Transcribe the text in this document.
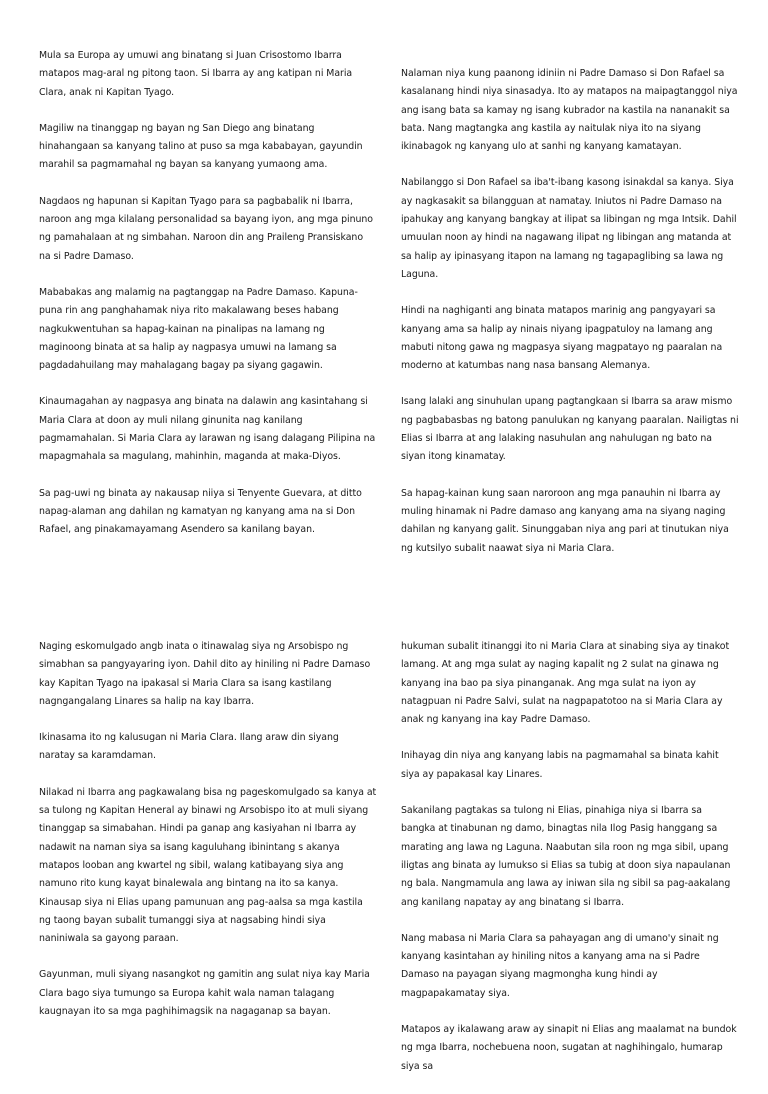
Mula sa Europa ay umuwi ang binatang si Juan Crisostomo Ibarra matapos mag-aral ng pitong taon. Si Ibarra ay ang katipan ni Maria Clara, anak ni Kapitan Tyago.

Magiliw na tinanggap ng bayan ng San Diego ang binatang hinahangaan sa kanyang talino at puso sa mga kababayan, gayundin marahil sa pagmamahal ng bayan sa kanyang yumaong ama.

Nagdaos ng hapunan si Kapitan Tyago para sa pagbabalik ni Ibarra, naroon ang mga kilalang personalidad sa bayang iyon, ang mga pinuno ng pamahalaan at ng simbahan. Naroon din ang Praileng Pransiskano na si Padre Damaso.

Mababakas ang malamig na pagtanggap na Padre Damaso. Kapuna-puna rin ang panghahamak niya rito makalawang beses habang nagkukwentuhan sa hapag-kainan na pinalipas na lamang ng maginoong binata at sa halip ay nagpasya umuwi na lamang sa pagdadahuilang may mahalagang bagay pa siyang gagawin.

Kinaumagahan ay nagpasya ang binata na dalawin ang kasintahang si Maria Clara at doon ay muli nilang ginunita nag kanilang pagmamahalan. Si Maria Clara ay larawan ng isang dalagang Pilipina na mapagmahala sa magulang, mahinhin, maganda at maka-Diyos.

Sa pag-uwi ng binata ay nakausap niiya si Tenyente Guevara, at ditto napag-alaman ang dahilan ng kamatyan ng kanyang ama na si Don Rafael, ang pinakamayamang Asendero sa kanilang bayan.

Nalaman niya kung paanong idiniin ni Padre Damaso si Don Rafael sa kasalanang hindi niya sinasadya. Ito ay matapos na maipagtanggol niya ang isang bata sa kamay ng isang kubrador na kastila na nananakit sa bata. Nang magtangka ang kastila ay naitulak niya ito na siyang ikinabagok ng kanyang ulo at sanhi ng kanyang kamatayan.

Nabilanggo si Don Rafael sa iba't-ibang kasong isinakdal sa kanya. Siya ay nagkasakit sa bilangguan at namatay. Iniutos ni Padre Damaso na ipahukay ang kanyang bangkay at ilipat sa libingan ng mga Intsik. Dahil umuulan noon ay hindi na nagawang ilipat ng libingan ang matanda at sa halip ay ipinasyang itapon na lamang ng tagapaglibing sa lawa ng Laguna.

Hindi na naghiganti ang binata matapos marinig ang pangyayari sa kanyang ama sa halip ay ninais niyang ipagpatuloy na lamang ang mabuti nitong gawa ng magpasya siyang magpatayo ng paaralan na moderno at katumbas nang nasa bansang Alemanya.

Isang lalaki ang sinuhulan upang pagtangkaan si Ibarra sa araw mismo ng pagbabasbas ng batong panulukan ng kanyang paaralan. Nailigtas ni Elias si Ibarra at ang lalaking nasuhulan ang nahulugan ng bato na siyan itong kinamatay.

Sa hapag-kainan kung saan naroroon ang mga panauhin ni Ibarra ay muling hinamak ni Padre damaso ang kanyang ama na siyang naging dahilan ng kanyang galit. Sinunggaban niya ang pari at tinutukan niya ng kutsilyo subalit naawat siya ni Maria Clara.

Naging eskomulgado angb inata o itinawalag siya ng Arsobispo ng simabhan sa pangyayaring iyon. Dahil dito ay hiniling ni Padre Damaso kay Kapitan Tyago na ipakasal si Maria Clara sa isang kastilang nagngangalang Linares sa halip na kay Ibarra.

Ikinasama ito ng kalusugan ni Maria Clara. Ilang araw din siyang naratay sa karamdaman.

Nilakad ni Ibarra ang pagkawalang bisa ng pageskomulgado sa kanya at sa tulong ng Kapitan Heneral ay binawi ng Arsobispo ito at muli siyang tinanggap sa simabahan. Hindi pa ganap ang kasiyahan ni Ibarra ay nadawit na naman siya sa isang kaguluhang ibinintang s akanya matapos looban ang kwartel ng sibil, walang katibayang siya ang namuno rito kung kayat binalewala ang bintang na ito sa kanya. Kinausap siya ni Elias upang pamunuan ang pag-aalsa sa mga kastila ng taong bayan subalit tumanggi siya at nagsabing hindi siya naniniwala sa gayong paraan.

Gayunman, muli siyang nasangkot ng gamitin ang sulat niya kay Maria Clara bago siya tumungo sa Europa kahit wala naman talagang kaugnayan ito sa mga paghihimagsik na nagaganap sa bayan.

hukuman subalit itinanggi ito ni Maria Clara at sinabing siya ay tinakot lamang. At ang mga sulat ay naging kapalit ng 2 sulat na ginawa ng kanyang ina bao pa siya pinanganak. Ang mga sulat na iyon ay natagpuan ni Padre Salvi, sulat na nagpapatotoo na si Maria Clara ay anak ng kanyang ina kay Padre Damaso.

Inihayag din niya ang kanyang labis na pagmamahal sa binata kahit siya ay papakasal kay Linares.

Sakanilang pagtakas sa tulong ni Elias, pinahiga niya si Ibarra sa bangka at tinabunan ng damo, binagtas nila Ilog Pasig hanggang sa marating ang lawa ng Laguna. Naabutan sila roon ng mga sibil, upang iligtas ang binata ay lumukso si Elias sa tubig at doon siya napaulanan ng bala. Nangmamula ang lawa ay iniwan sila ng sibil sa pag-aakalang ang kanilang napatay ay ang binatang si Ibarra.

Nang mabasa ni Maria Clara sa pahayagan ang di umano'y sinait ng kanyang kasintahan ay hiniling nitos a kanyang ama na si Padre Damaso na payagan siyang magmongha kung hindi ay magpapakamatay siya.

Matapos ay ikalawang araw ay sinapit ni Elias ang maalamat na bundok ng mga Ibarra, nochebuena noon, sugatan at naghihingalo, humarap siya sa
